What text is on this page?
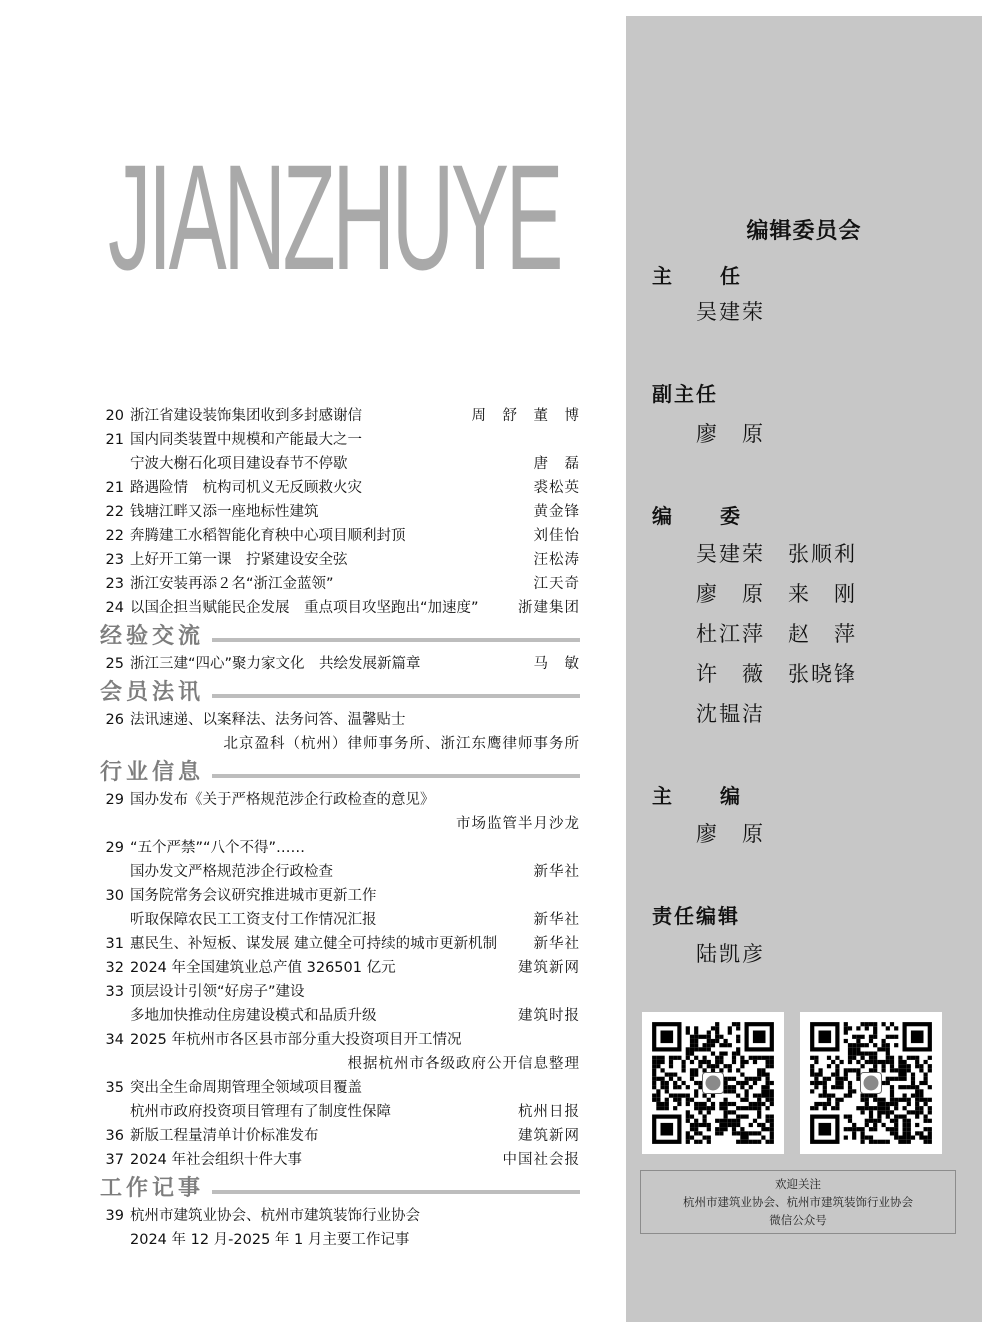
JIANZHUYE
20 浙江省建设装饰集团收到多封感谢信	周　舒　董　博
21 国内同类装置中规模和产能最大之一
宁波大榭石化项目建设春节不停歇	唐　磊
21 路遇险情　杭构司机义无反顾救火灾	裘松英
22 钱塘江畔又添一座地标性建筑	黄金锋
22 奔腾建工水稻智能化育秧中心项目顺利封顶	刘佳怡
23 上好开工第一课　拧紧建设安全弦	汪松涛
23 浙江安装再添２名“浙江金蓝领”	江天奇
24 以国企担当赋能民企发展　重点项目攻坚跑出“加速度”	浙建集团
经验交流
25 浙江三建“四心”聚力家文化　共绘发展新篇章	马　敏
会员法讯
26 法讯速递、以案释法、法务问答、温馨贴士
北京盈科（杭州）律师事务所、浙江东鹰律师事务所
行业信息
29 国办发布《关于严格规范涉企行政检查的意见》
市场监管半月沙龙
29 “五个严禁”“八个不得”……
国办发文严格规范涉企行政检查	新华社
30 国务院常务会议研究推进城市更新工作
听取保障农民工工资支付工作情况汇报	新华社
31 惠民生、补短板、谋发展 建立健全可持续的城市更新机制	新华社
32 2024 年全国建筑业总产值 326501 亿元	建筑新网
33 顶层设计引领“好房子”建设
多地加快推动住房建设模式和品质升级	建筑时报
34 2025 年杭州市各区县市部分重大投资项目开工情况
根据杭州市各级政府公开信息整理
35 突出全生命周期管理全领域项目覆盖
杭州市政府投资项目管理有了制度性保障	杭州日报
36 新版工程量清单计价标准发布	建筑新网
37 2024 年社会组织十件大事	中国社会报
工作记事
39 杭州市建筑业协会、杭州市建筑装饰行业协会
2024 年 12 月-2025 年 1 月主要工作记事
编辑委员会
主　任
吴建荣
副主任
廖　原
编　委
吴建荣　张顺利
廖　原　来　刚
杜江萍　赵　萍
许　薇　张晓锋
沈韫洁
主　编
廖　原
责任编辑
陆凯彦
欢迎关注
杭州市建筑业协会、杭州市建筑装饰行业协会
微信公众号
